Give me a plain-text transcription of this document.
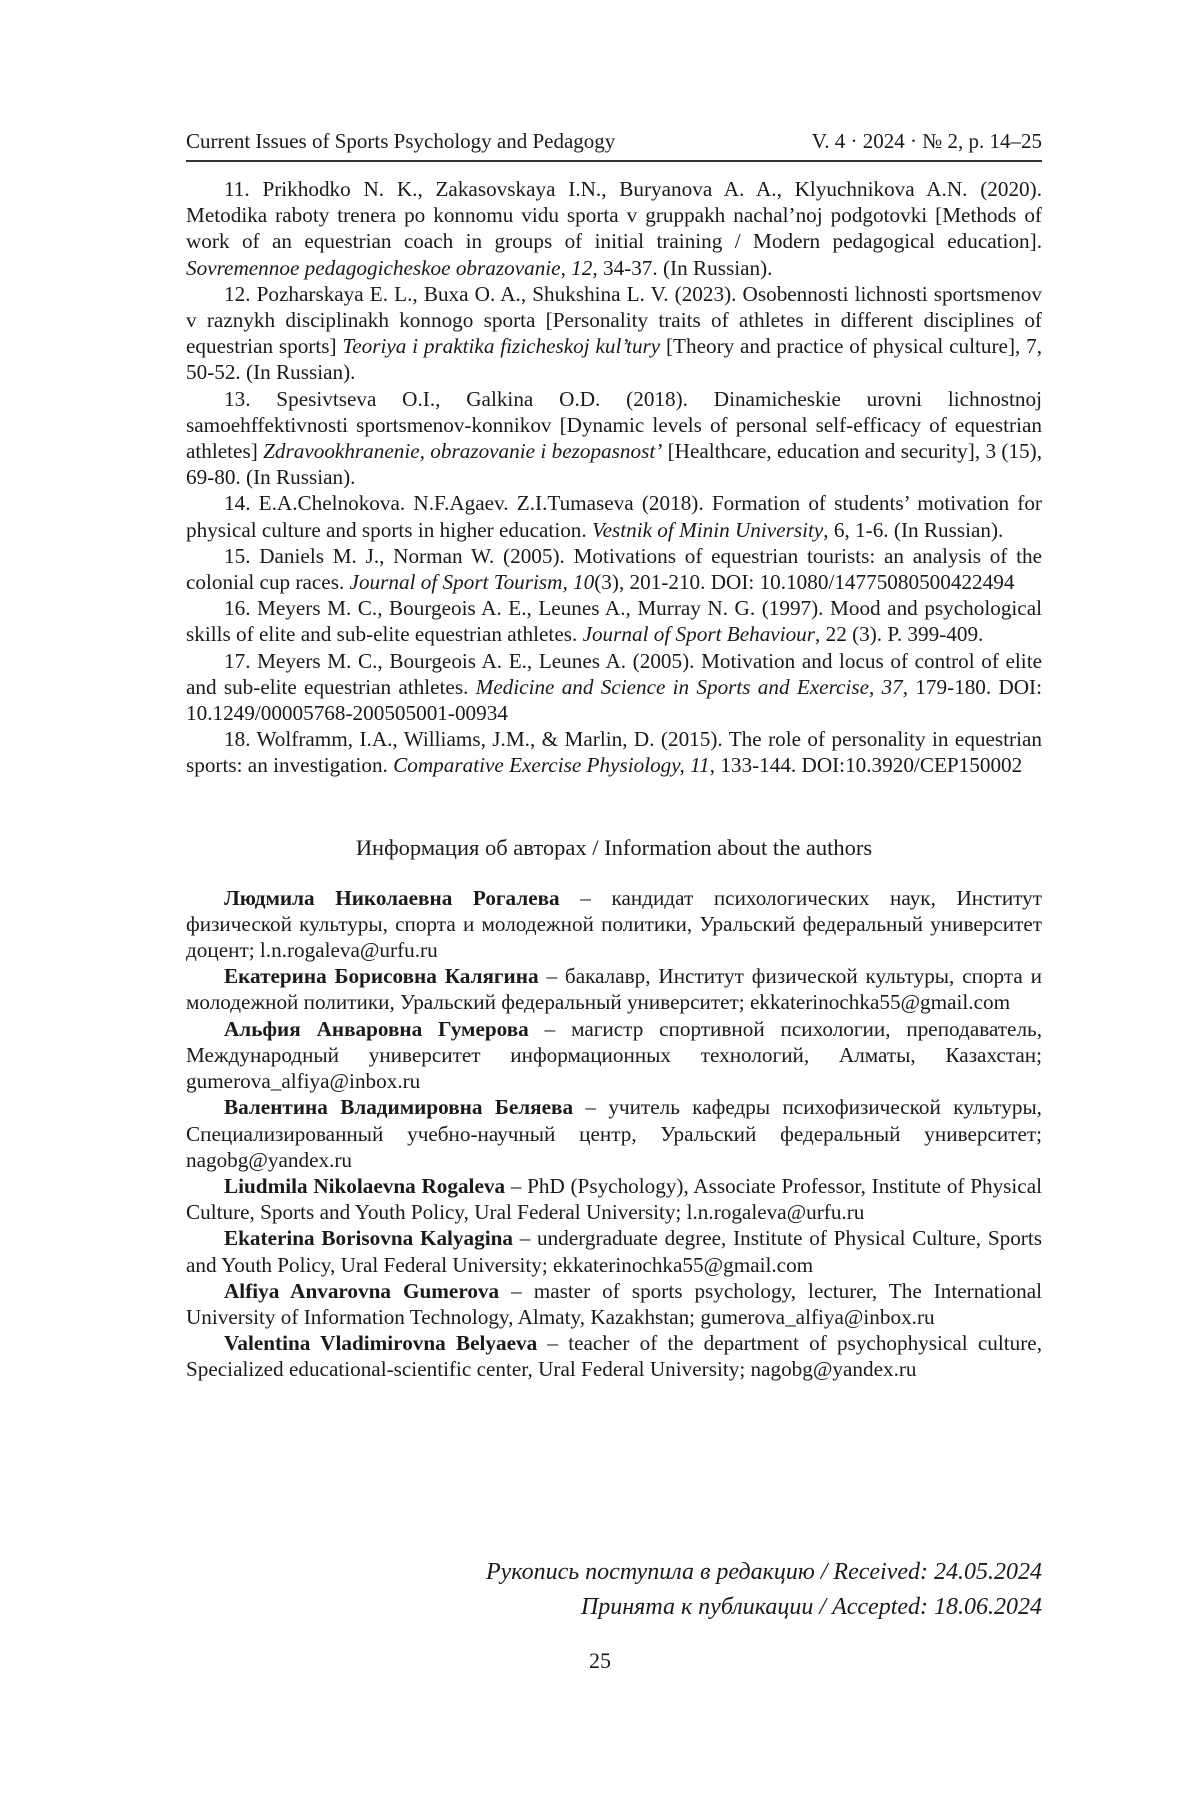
Current Issues of Sports Psychology and Pedagogy	V. 4 · 2024 · № 2, p. 14–25

11. Prikhodko N. K., Zakasovskaya I.N., Buryanova A. A., Klyuchnikova A.N. (2020). Metodika raboty trenera po konnomu vidu sporta v gruppakh nachal’noj podgotovki [Methods of work of an equestrian coach in groups of initial training / Modern pedagogical education]. Sovremennoe pedagogicheskoe obrazovanie, 12, 34-37. (In Russian).

12. Pozharskaya E. L., Buxa O. A., Shukshina L. V. (2023). Osobennosti lichnosti sportsmenov v raznykh disciplinakh konnogo sporta [Personality traits of athletes in different disciplines of equestrian sports] Teoriya i praktika fizicheskoj kul’tury [Theory and practice of physical culture], 7, 50-52. (In Russian).

13. Spesivtseva O.I., Galkina O.D. (2018). Dinamicheskie urovni lichnostnoj samoehffektivnosti sportsmenov-konnikov [Dynamic levels of personal self-efficacy of equestrian athletes] Zdravookhranenie, obrazovanie i bezopasnost’ [Healthcare, education and security], 3 (15), 69-80. (In Russian).

14. E.A.Chelnokova. N.F.Agaev. Z.I.Tumaseva (2018). Formation of students’ motivation for physical culture and sports in higher education. Vestnik of Minin University, 6, 1-6. (In Russian).

15. Daniels M. J., Norman W. (2005). Motivations of equestrian tourists: an analysis of the colonial cup races. Journal of Sport Tourism, 10(3), 201-210. DOI: 10.1080/14775080500422494

16. Meyers M. C., Bourgeois A. E., Leunes A., Murray N. G. (1997). Mood and psychological skills of elite and sub-elite equestrian athletes. Journal of Sport Behaviour, 22 (3). P. 399-409.

17. Meyers M. C., Bourgeois A. E., Leunes A. (2005). Motivation and locus of control of elite and sub-elite equestrian athletes. Medicine and Science in Sports and Exercise, 37, 179-180. DOI: 10.1249/00005768-200505001-00934

18. Wolframm, I.A., Williams, J.M., & Marlin, D. (2015). The role of personality in equestrian sports: an investigation. Comparative Exercise Physiology, 11, 133-144. DOI:10.3920/CEP150002

Информация об авторах / Information about the authors

Людмила Николаевна Рогалева – кандидат психологических наук, Институт физической культуры, спорта и молодежной политики, Уральский федеральный университет доцент; l.n.rogaleva@urfu.ru

Екатерина Борисовна Калягина – бакалавр, Институт физической культуры, спорта и молодежной политики, Уральский федеральный университет; ekkaterinochka55@gmail.com

Альфия Анваровна Гумерова – магистр спортивной психологии, преподаватель, Международный университет информационных технологий, Алматы, Казахстан; gumerova_alfiya@inbox.ru

Валентина Владимировна Беляева – учитель кафедры психофизической культуры, Специализированный учебно-научный центр, Уральский федеральный университет; nagobg@yandex.ru

Liudmila Nikolaevna Rogaleva – PhD (Psychology), Associate Professor, Institute of Physical Culture, Sports and Youth Policy, Ural Federal University; l.n.rogaleva@urfu.ru

Ekaterina Borisovna Kalyagina – undergraduate degree, Institute of Physical Culture, Sports and Youth Policy, Ural Federal University; ekkaterinochka55@gmail.com

Alfiya Anvarovna Gumerova – master of sports psychology, lecturer, The International University of Information Technology, Almaty, Kazakhstan; gumerova_alfiya@inbox.ru

Valentina Vladimirovna Belyaeva – teacher of the department of psychophysical culture, Specialized educational-scientific center, Ural Federal University; nagobg@yandex.ru

Рукопись поступила в редакцию / Received: 24.05.2024
Принята к публикации / Accepted: 18.06.2024
25
